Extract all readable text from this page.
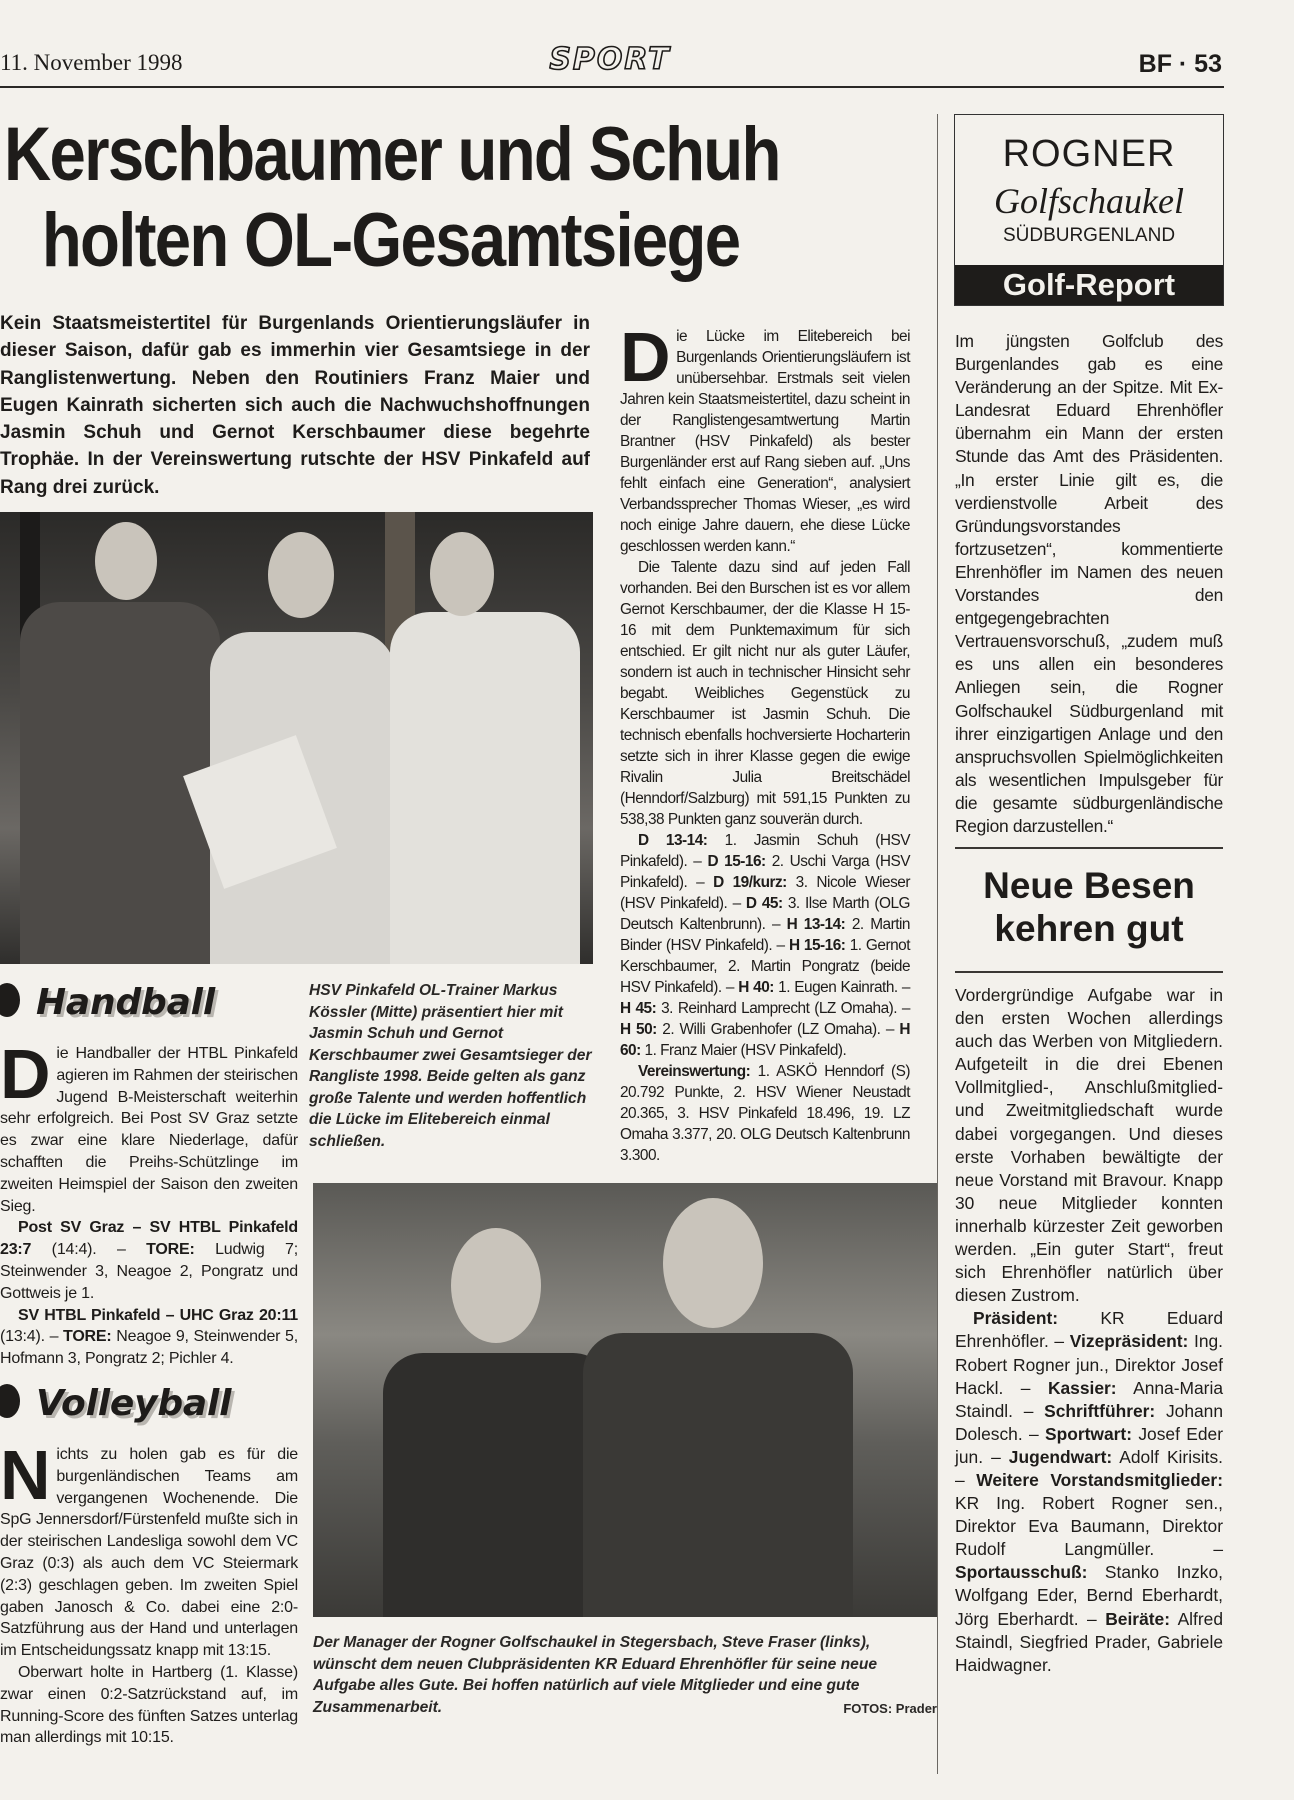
11. November 1998	SPORT	BF · 53
Kerschbaumer und Schuh
holten OL-Gesamtsiege
Kein Staatsmeistertitel für Burgenlands Orientierungsläufer in dieser Saison, dafür gab es immerhin vier Gesamtsiege in der Ranglistenwertung. Neben den Routiniers Franz Maier und Eugen Kainrath sicherten sich auch die Nachwuchshoffnungen Jasmin Schuh und Gernot Kerschbaumer diese begehrte Trophäe. In der Vereinswertung rutschte der HSV Pinkafeld auf Rang drei zurück.
D ie Lücke im Elitebereich bei Burgenlands Orientierungsläufern ist unübersehbar. Erstmals seit vielen Jahren kein Staatsmeistertitel, dazu scheint in der Ranglistengesamtwertung Martin Brantner (HSV Pinkafeld) als bester Burgenländer erst auf Rang sieben auf. „Uns fehlt einfach eine Generation“, analysiert Verbandssprecher Thomas Wieser, „es wird noch einige Jahre dauern, ehe diese Lücke geschlossen werden kann.“

Die Talente dazu sind auf jeden Fall vorhanden. Bei den Burschen ist es vor allem Gernot Kerschbaumer, der die Klasse H 15-16 mit dem Punktemaximum für sich entschied. Er gilt nicht nur als guter Läufer, sondern ist auch in technischer Hinsicht sehr begabt. Weibliches Gegenstück zu Kerschbaumer ist Jasmin Schuh. Die technisch ebenfalls hochversierte Hocharterin setzte sich in ihrer Klasse gegen die ewige Rivalin Julia Breitschädel (Henndorf/Salzburg) mit 591,15 Punkten zu 538,38 Punkten ganz souverän durch.

D 13-14: 1. Jasmin Schuh (HSV Pinkafeld). – D 15-16: 2. Uschi Varga (HSV Pinkafeld). – D 19/kurz: 3. Nicole Wieser (HSV Pinkafeld). – D 45: 3. Ilse Marth (OLG Deutsch Kaltenbrunn). – H 13-14: 2. Martin Binder (HSV Pinkafeld). – H 15-16: 1. Gernot Kerschbaumer, 2. Martin Pongratz (beide HSV Pinkafeld). – H 40: 1. Eugen Kainrath. – H 45: 3. Reinhard Lamprecht (LZ Omaha). – H 50: 2. Willi Grabenhofer (LZ Omaha). – H 60: 1. Franz Maier (HSV Pinkafeld).

Vereinswertung: 1. ASKÖ Henndorf (S) 20.792 Punkte, 2. HSV Wiener Neustadt 20.365, 3. HSV Pinkafeld 18.496, 19. LZ Omaha 3.377, 20. OLG Deutsch Kaltenbrunn 3.300.

HSV Pinkafeld OL-Trainer Markus Kössler (Mitte) präsentiert hier mit Jasmin Schuh und Gernot Kerschbaumer zwei Gesamtsieger der Rangliste 1998. Beide gelten als ganz große Talente und werden hoffentlich die Lücke im Elitebereich einmal schließen.
Handball
D ie Handballer der HTBL Pinkafeld agieren im Rahmen der steirischen Jugend B-Meisterschaft weiterhin sehr erfolgreich. Bei Post SV Graz setzte es zwar eine klare Niederlage, dafür schafften die Preihs-Schützlinge im zweiten Heimspiel der Saison den zweiten Sieg.

Post SV Graz – SV HTBL Pinkafeld 23:7 (14:4). – TORE: Ludwig 7; Steinwender 3, Neagoe 2, Pongratz und Gottweis je 1.

SV HTBL Pinkafeld – UHC Graz 20:11 (13:4). – TORE: Neagoe 9, Steinwender 5, Hofmann 3, Pongratz 2; Pichler 4.

Volleyball
N ichts zu holen gab es für die burgenländischen Teams am vergangenen Wochenende. Die SpG Jennersdorf/Fürstenfeld mußte sich in der steirischen Landesliga sowohl dem VC Graz (0:3) als auch dem VC Steiermark (2:3) geschlagen geben. Im zweiten Spiel gaben Janosch & Co. dabei eine 2:0-Satzführung aus der Hand und unterlagen im Entscheidungssatz knapp mit 13:15.

Oberwart holte in Hartberg (1. Klasse) zwar einen 0:2-Satzrückstand auf, im Running-Score des fünften Satzes unterlag man allerdings mit 10:15.

Der Manager der Rogner Golfschaukel in Stegersbach, Steve Fraser (links), wünscht dem neuen Clubpräsidenten KR Eduard Ehrenhöfler für seine neue Aufgabe alles Gute. Bei hoffen natürlich auf viele Mitglieder und eine gute Zusammenarbeit.	FOTOS: Prader
ROGNER
Golfschaukel
SÜDBURGENLAND
Golf-Report

Im jüngsten Golfclub des Burgenlandes gab es eine Veränderung an der Spitze. Mit Ex-Landesrat Eduard Ehrenhöfler übernahm ein Mann der ersten Stunde das Amt des Präsidenten. „In erster Linie gilt es, die verdienstvolle Arbeit des Gründungsvorstandes fortzusetzen“, kommentierte Ehrenhöfler im Namen des neuen Vorstandes den entgegengebrachten Vertrauensvorschuß, „zudem muß es uns allen ein besonderes Anliegen sein, die Rogner Golfschaukel Südburgenland mit ihrer einzigartigen Anlage und den anspruchsvollen Spielmöglichkeiten als wesentlichen Impulsgeber für die gesamte südburgenländische Region darzustellen.“

Neue Besen
kehren gut

Vordergründige Aufgabe war in den ersten Wochen allerdings auch das Werben von Mitgliedern. Aufgeteilt in die drei Ebenen Vollmitglied-, Anschlußmitglied- und Zweitmitgliedschaft wurde dabei vorgegangen. Und dieses erste Vorhaben bewältigte der neue Vorstand mit Bravour. Knapp 30 neue Mitglieder konnten innerhalb kürzester Zeit geworben werden. „Ein guter Start“, freut sich Ehrenhöfler natürlich über diesen Zustrom.

Präsident: KR Eduard Ehrenhöfler. – Vizepräsident: Ing. Robert Rogner jun., Direktor Josef Hackl. – Kassier: Anna-Maria Staindl. – Schriftführer: Johann Dolesch. – Sportwart: Josef Eder jun. – Jugendwart: Adolf Kirisits. – Weitere Vorstandsmitglieder: KR Ing. Robert Rogner sen., Direktor Eva Baumann, Direktor Rudolf Langmüller. – Sportausschuß: Stanko Inzko, Wolfgang Eder, Bernd Eberhardt, Jörg Eberhardt. – Beiräte: Alfred Staindl, Siegfried Prader, Gabriele Haidwagner.
